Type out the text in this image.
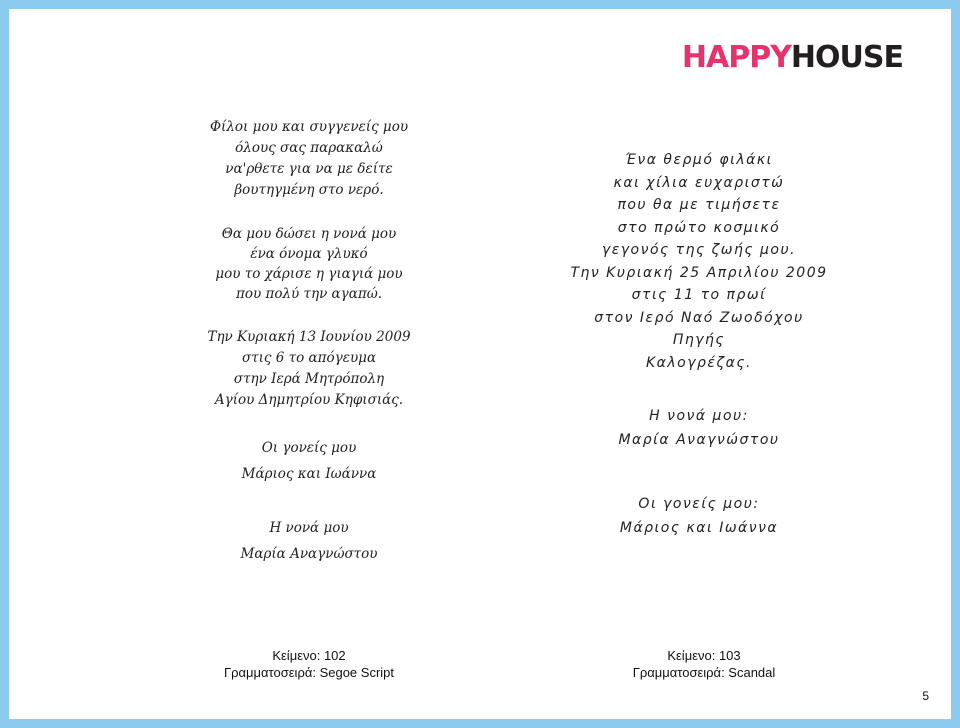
HAPPYHOUSE
Φίλοι μου και συγγενείς μου
όλους σας παρακαλώ
να'ρθετε για να με δείτε
βουτηγμένη στο νερό.
Θα μου δώσει η νονά μου
ένα όνομα γλυκό
μου το χάρισε η γιαγιά μου
που πολύ την αγαπώ.
Την Κυριακή 13 Ιουνίου 2009
στις 6 το απόγευμα
στην Ιερά Μητρόπολη
Αγίου Δημητρίου Κηφισιάς.
Οι γονείς μου
Μάριος και Ιωάννα
Η νονά μου
Μαρία Αναγνώστου
Ένα θερμό φιλάκι
και χίλια ευχαριστώ
που θα με τιμήσετε
στο πρώτο κοσμικό
γεγονός της ζωής μου.
Την Κυριακή 25 Απριλίου 2009
στις 11 το πρωί
στον Ιερό Ναό Ζωοδόχου
Πηγής
Καλογρέζας.
Η νονά μου:
Μαρία Αναγνώστου
Οι γονείς μου:
Μάριος και Ιωάννα
Κείμενο: 102
Γραμματοσειρά: Segoe Script
Κείμενο: 103
Γραμματοσειρά: Scandal
5
